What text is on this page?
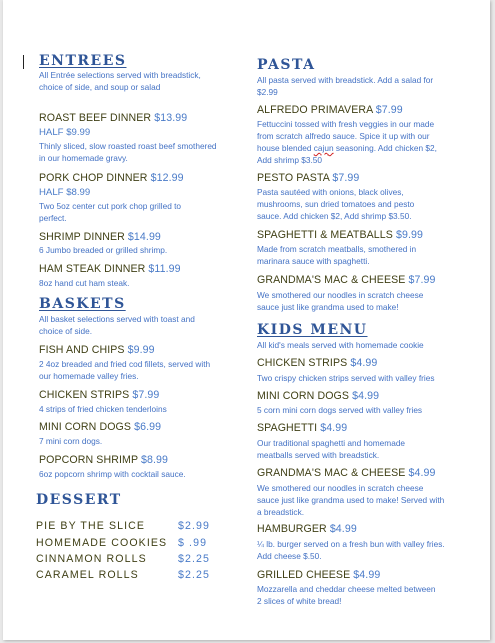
ENTREES
All Entrée selections served with breadstick, choice of side, and soup or salad
ROAST BEEF DINNER $13.99
HALF $9.99
Thinly sliced, slow roasted roast beef smothered in our homemade gravy.
PORK CHOP DINNER $12.99
HALF $8.99
Two 5oz center cut pork chop grilled to perfect.
SHRIMP DINNER $14.99
6 Jumbo breaded or grilled shrimp.
HAM STEAK DINNER $11.99
8oz hand cut ham steak.
BASKETS
All basket selections served with toast and choice of side.
FISH AND CHIPS $9.99
2 4oz breaded and fried cod fillets, served with our homemade valley fries.
CHICKEN STRIPS $7.99
4 strips of fried chicken tenderloins
MINI CORN DOGS $6.99
7 mini corn dogs.
POPCORN SHRIMP $8.99
6oz popcorn shrimp with cocktail sauce.
DESSERT
PIE BY THE SLICE	$2.99
HOMEMADE COOKIES $ .99
CINNAMON ROLLS	$2.25
CARAMEL ROLLS	$2.25
PASTA
All pasta served with breadstick. Add a salad for $2.99
ALFREDO PRIMAVERA $7.99
Fettuccini tossed with fresh veggies in our made from scratch alfredo sauce. Spice it up with our house blended cajun seasoning. Add chicken $2, Add shrimp $3.50
PESTO PASTA $7.99
Pasta sautéed with onions, black olives, mushrooms, sun dried tomatoes and pesto sauce. Add chicken $2, Add shrimp $3.50.
SPAGHETTI & MEATBALLS $9.99
Made from scratch meatballs, smothered in marinara sauce with spaghetti.
GRANDMA'S MAC & CHEESE $7.99
We smothered our noodles in scratch cheese sauce just like grandma used to make!
KIDS MENU
All kid's meals served with homemade cookie
CHICKEN STRIPS $4.99
Two crispy chicken strips served with valley fries
MINI CORN DOGS $4.99
5 corn mini corn dogs served with valley fries
SPAGHETTI $4.99
Our traditional spaghetti and homemade meatballs served with breadstick.
GRANDMA'S MAC & CHEESE $4.99
We smothered our noodles in scratch cheese sauce just like grandma used to make! Served with a breadstick.
HAMBURGER $4.99
¼ lb. burger served on a fresh bun with valley fries. Add cheese $.50.
GRILLED CHEESE $4.99
Mozzarella and cheddar cheese melted between 2 slices of white bread!
